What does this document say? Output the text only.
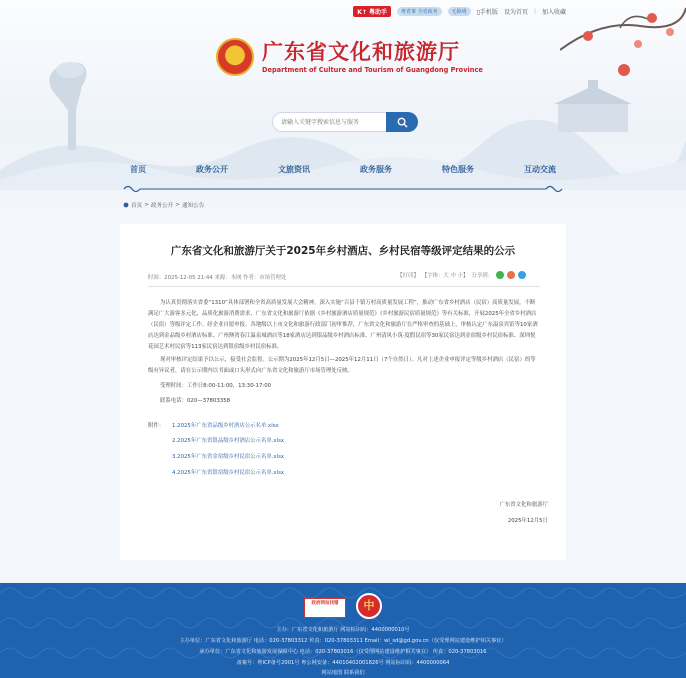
K↑ 粤助手	粤省事 全省政务	无障碍	▯手机版 设为首页 | 加入收藏
广东省文化和旅游厅
Department of Culture and Tourism of Guangdong Province
请输入关键字搜索信息与服务
首页	政务公开	文旅资讯	政务服务	特色服务	互动交流
首页 > 政务公开 > 通知公告
广东省文化和旅游厅关于2025年乡村酒店、乡村民宿等级评定结果的公示
时间：2025-12-05 21:44 来源：本网 作者：市场管理处	【打印】 【字体：大 中 小】 分享到：

为认真贯彻落实省委“1310”具体部署和全省高质量发展大会精神，深入实施“百县千镇万村高质量发展工程”，推动广东省乡村酒店（民宿）高质量发展，不断满足广大游客多元化、品质化旅游消费需求，广东省文化和旅游厅依据《乡村旅游酒店质量规范》《乡村旅游民宿质量规范》等有关标准，开展2025年全省乡村酒店（民宿）等级评定工作。经企业自愿申报、各地级以上市文化和旅游行政部门初审推荐，广东省文化和旅游厅在严格审查的基础上，审核认定广东温泉宾馆等10家酒店达到金品级乡村酒店标准、广州澳湾春江温泉城酒店等18家酒店达到银品级乡村酒店标准、广州清风小筑·度假民宿等30家民宿达到金宿级乡村民宿标准、深圳悦花园艺术村民宿等113家民宿达到银宿级乡村民宿标准。

现对审核评定结果予以公示，接受社会监督。公示期为2025年12月5日—2025年12月11日（7个自然日）。凡对上述企业申报评定等级乡村酒店（民宿）的等级有异议者，请在公示期内以书面或口头形式向广东省文化和旅游厅市场管理处反映。

受理时间：工作日8:00-11:00，13:30-17:00

联系电话：020—37803358

附件： 1.2025年广东省品级乡村酒店公示名单.xlsx
2.2025年广东省银品级乡村酒店公示名单.xlsx
3.2025年广东省金宿级乡村民宿公示名单.xlsx
4.2025年广东省银宿级乡村民宿公示名单.xlsx
广东省文化和旅游厅
2025年12月5日
政府网站找错	中
主办：广东省文化和旅游厅 网站标识码：4400000010号
主办单位：广东省文化和旅游厅 电话：020-37803312 传真：020-37803311 Email：wl_sd@gd.gov.cn（仅受理网站建设维护相关事宜）
承办单位：广东省文化和旅游发展保障中心 电话：020-37803016（仅受理网站建设维护相关事宜） 传真：020-37803016
备案号：粤ICP备号2001号 粤公网安备：44010402001826号 网站标识码：4400000064
网站地图 联系我们
